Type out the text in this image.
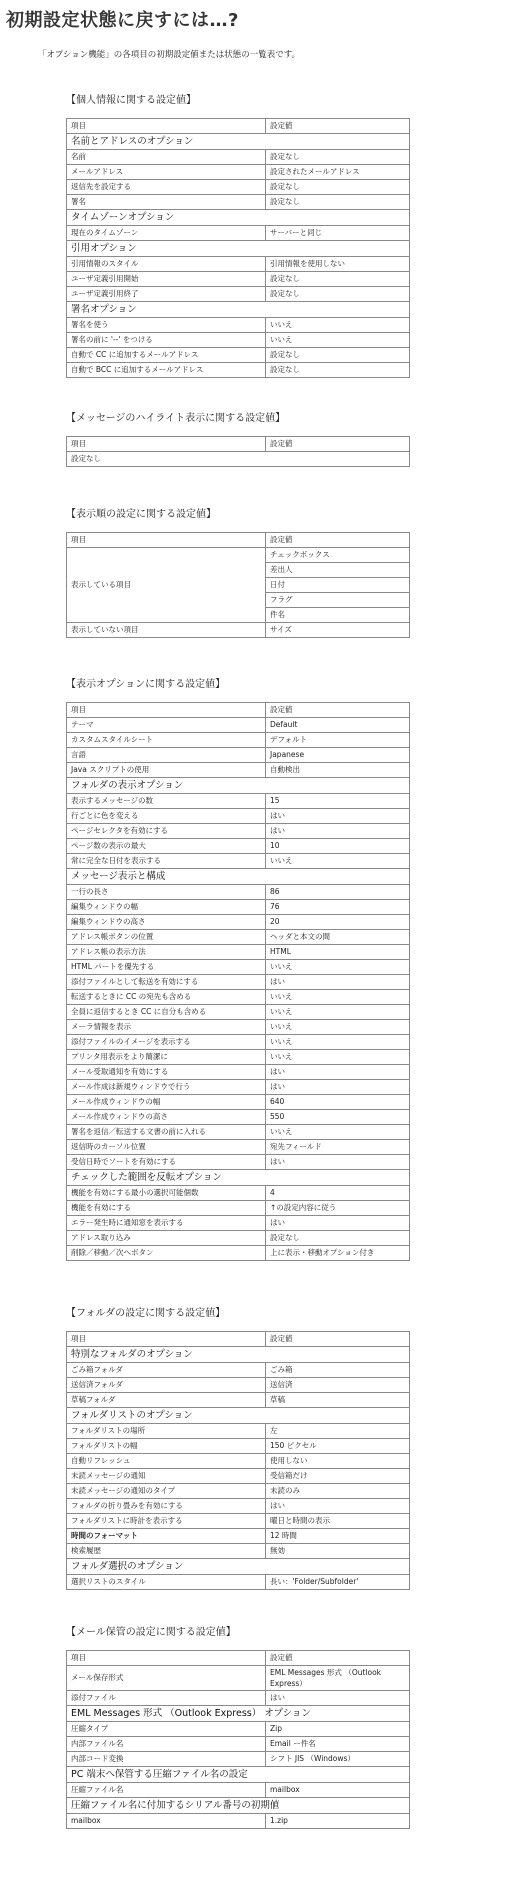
初期設定状態に戻すには…?
「オプション機能」の各項目の初期設定値または状態の一覧表です。
【個人情報に関する設定値】
項目	設定値
名前とアドレスのオプション	
名前	設定なし
メールアドレス	設定されたメールアドレス
返信先を設定する	設定なし
署名	設定なし
タイムゾーンオプション	
現在のタイムゾーン	サーバーと同じ
引用オプション	
引用情報のスタイル	引用情報を使用しない
ユーザ定義引用開始	設定なし
ユーザ定義引用終了	設定なし
署名オプション	
署名を使う	いいえ
署名の前に '--' をつける	いいえ
自動で CC に追加するメールアドレス	設定なし
自動で BCC に追加するメールアドレス	設定なし
【メッセージのハイライト表示に関する設定値】
項目	設定値
設定なし
【表示順の設定に関する設定値】
項目	設定値
表示している項目	チェックボックス
	差出人
	日付
	フラグ
	件名
表示していない項目	サイズ
【表示オプションに関する設定値】
項目	設定値
テーマ	Default
カスタムスタイルシート	デフォルト
言語	Japanese
Java スクリプトの使用	自動検出
フォルダの表示オプション	
表示するメッセージの数	15
行ごとに色を変える	はい
ページセレクタを有効にする	はい
ページ数の表示の最大	10
常に完全な日付を表示する	いいえ
メッセージ表示と構成	
一行の長さ	86
編集ウィンドウの幅	76
編集ウィンドウの高さ	20
アドレス帳ボタンの位置	ヘッダと本文の間
アドレス帳の表示方法	HTML
HTML パートを優先する	いいえ
添付ファイルとして転送を有効にする	はい
転送するときに CC の宛先も含める	いいえ
全員に返信するとき CC に自分も含める	いいえ
メーラ情報を表示	いいえ
添付ファイルのイメージを表示する	いいえ
プリンタ用表示をより簡潔に	いいえ
メール受取通知を有効にする	はい
メール作成は新規ウィンドウで行う	はい
メール作成ウィンドウの幅	640
メール作成ウィンドウの高さ	550
署名を返信／転送する文書の前に入れる	いいえ
返信時のカーソル位置	宛先フィールド
受信日時でソートを有効にする	はい
チェックした範囲を反転オプション	
機能を有効にする最小の選択可能個数	4
機能を有効にする	↑の設定内容に従う
エラー発生時に通知窓を表示する	はい
アドレス取り込み	設定なし
削除／移動／次へボタン	上に表示・移動オプション付き
【フォルダの設定に関する設定値】
項目	設定値
特別なフォルダのオプション	
ごみ箱フォルダ	ごみ箱
送信済フォルダ	送信済
草稿フォルダ	草稿
フォルダリストのオプション	
フォルダリストの場所	左
フォルダリストの幅	150 ピクセル
自動リフレッシュ	使用しない
未読メッセージの通知	受信箱だけ
未読メッセージの通知のタイプ	未読のみ
フォルダの折り畳みを有効にする	はい
フォルダリストに時計を表示する	曜日と時間の表示
時間のフォーマット	12 時間
検索履歴	無効
フォルダ選択のオプション	
選択リストのスタイル	長い：'Folder/Subfolder'
【メール保管の設定に関する設定値】
項目	設定値
メール保存形式	EML Messages 形式 （Outlook Express）
添付ファイル	はい
EML Messages 形式 （Outlook Express） オプション	
圧縮タイプ	Zip
内部ファイル名	Email ー件名
内部コード変換	シフト JIS （Windows）
PC 端末へ保管する圧縮ファイル名の設定	
圧縮ファイル名	mailbox
圧縮ファイル名に付加するシリアル番号の初期値	
mailbox	1.zip
